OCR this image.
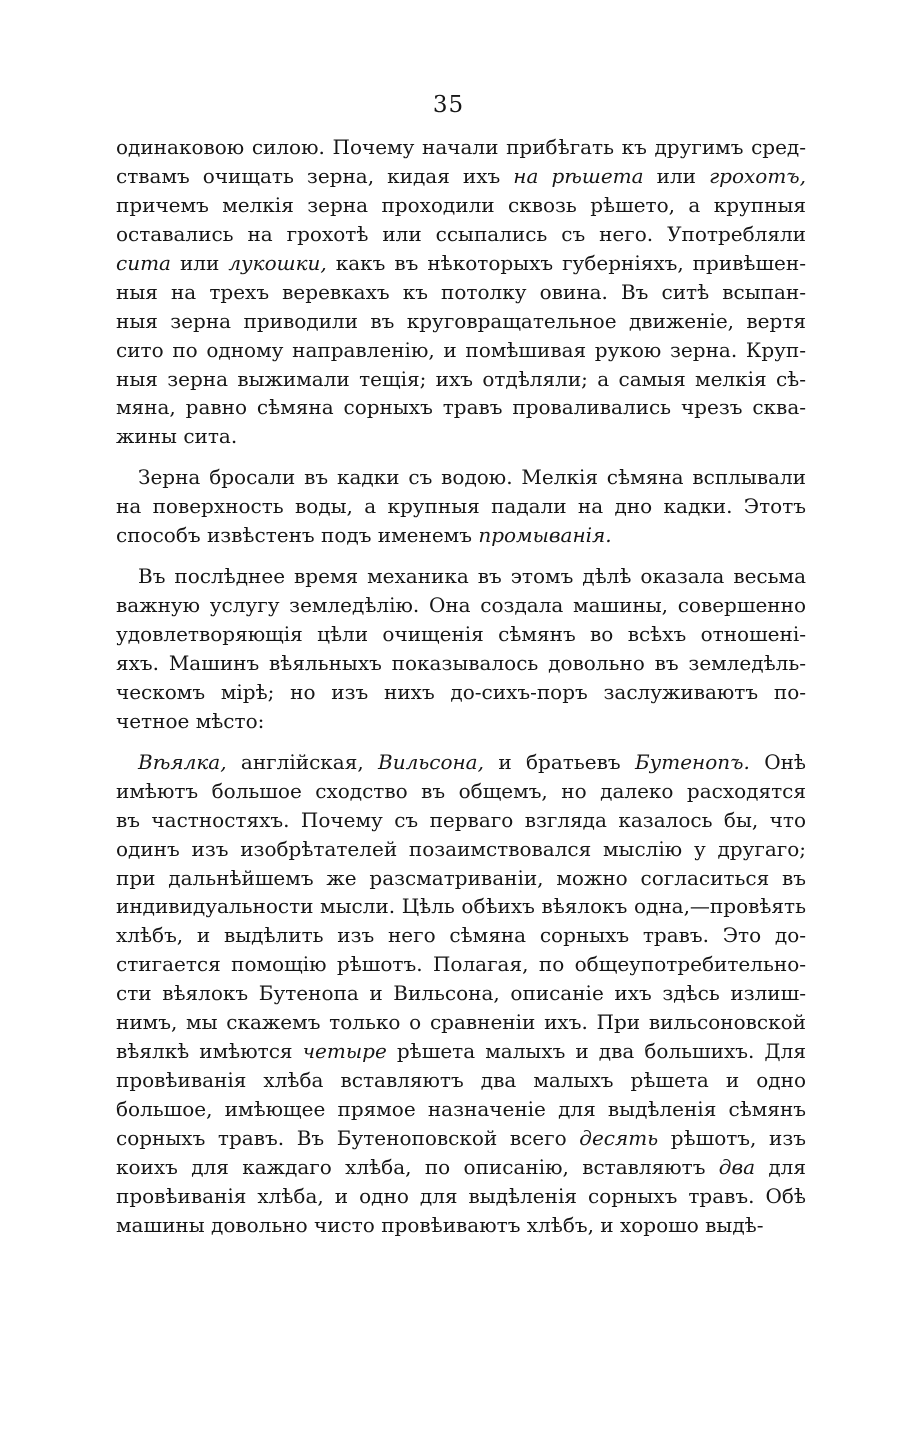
35
одинаковою силою. Почему начали прибѣгать къ другимъ сред-
ствамъ очищать зерна, кидая ихъ на рѣшета или грохотъ,
причемъ мелкія зерна проходили сквозь рѣшето, а крупныя
оставались на грохотѣ или ссыпались съ него. Употребляли
сита или лукошки, какъ въ нѣкоторыхъ губерніяхъ, привѣшен-
ныя на трехъ веревкахъ къ потолку овина. Въ ситѣ всыпан-
ныя зерна приводили въ круговращательное движеніе, вертя
сито по одному направленію, и помѣшивая рукою зерна. Круп-
ныя зерна выжимали тещія; ихъ отдѣляли; а самыя мелкія сѣ-
мяна, равно сѣмяна сорныхъ травъ проваливались чрезъ сква-
жины сита.
Зерна бросали въ кадки съ водою. Мелкія сѣмяна всплывали
на поверхность воды, а крупныя падали на дно кадки. Этотъ
способъ извѣстенъ подъ именемъ промыванія.
Въ послѣднее время механика въ этомъ дѣлѣ оказала весьма
важную услугу земледѣлію. Она создала машины, совершенно
удовлетворяющія цѣли очищенія сѣмянъ во всѣхъ отношені-
яхъ. Машинъ вѣяльныхъ показывалось довольно въ земледѣль-
ческомъ мірѣ; но изъ нихъ до-сихъ-поръ заслуживаютъ по-
четное мѣсто:
Вѣялка, англійская, Вильсона, и братьевъ Бутенопъ. Онѣ
имѣютъ большое сходство въ общемъ, но далеко расходятся
въ частностяхъ. Почему съ перваго взгляда казалось бы, что
одинъ изъ изобрѣтателей позаимствовался мыслію у другаго;
при дальнѣйшемъ же разсматриваніи, можно согласиться въ
индивидуальности мысли. Цѣль обѣихъ вѣялокъ одна,—провѣять
хлѣбъ, и выдѣлить изъ него сѣмяна сорныхъ травъ. Это до-
стигается помощію рѣшотъ. Полагая, по общеупотребительно-
сти вѣялокъ Бутенопа и Вильсона, описаніе ихъ здѣсь излиш-
нимъ, мы скажемъ только о сравненіи ихъ. При вильсоновской
вѣялкѣ имѣются четыре рѣшета малыхъ и два большихъ. Для
провѣиванія хлѣба вставляютъ два малыхъ рѣшета и одно
большое, имѣющее прямое назначеніе для выдѣленія сѣмянъ
сорныхъ травъ. Въ Бутеноповской всего десять рѣшотъ, изъ
коихъ для каждаго хлѣба, по описанію, вставляютъ два для
провѣиванія хлѣба, и одно для выдѣленія сорныхъ травъ. Обѣ
машины довольно чисто провѣиваютъ хлѣбъ, и хорошо выдѣ-
